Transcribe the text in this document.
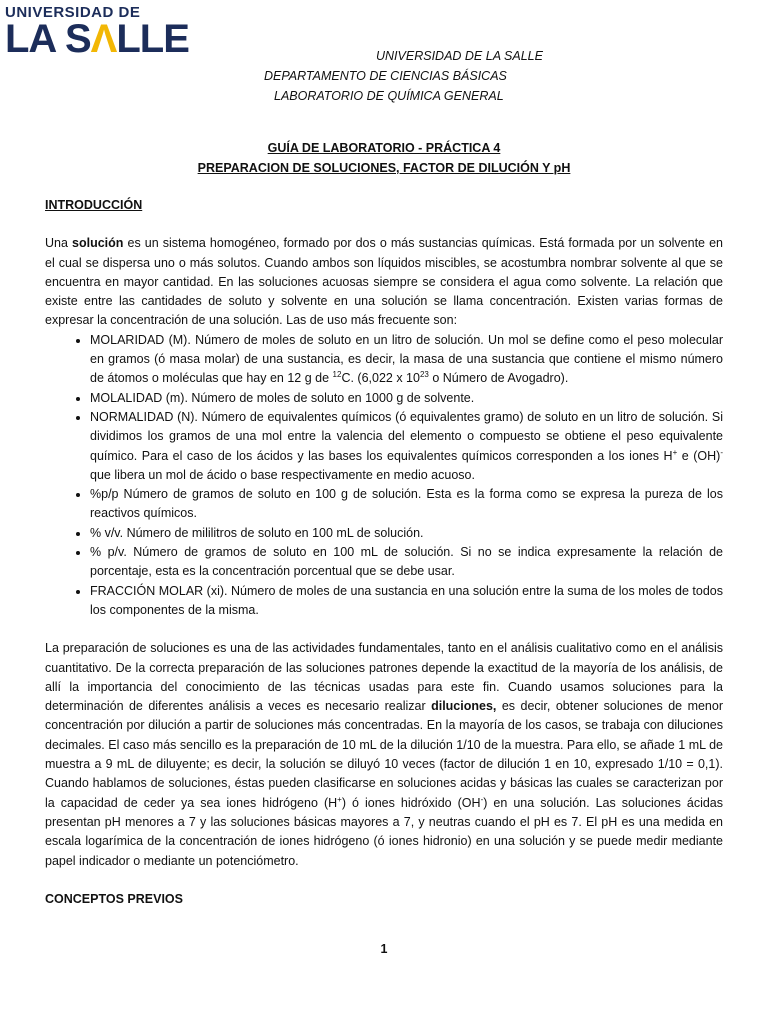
UNIVERSIDAD DE
LA SΛLLE	UNIVERSIDAD DE LA SALLE
DEPARTAMENTO DE CIENCIAS BÁSICAS
LABORATORIO DE QUÍMICA GENERAL
GUÍA DE LABORATORIO - PRÁCTICA 4
PREPARACION DE SOLUCIONES, FACTOR DE DILUCIÓN Y pH
INTRODUCCIÓN

Una solución es un sistema homogéneo, formado por dos o más sustancias químicas. Está formada por un solvente en el cual se dispersa uno o más solutos. Cuando ambos son líquidos miscibles, se acostumbra nombrar solvente al que se encuentra en mayor cantidad. En las soluciones acuosas siempre se considera el agua como solvente. La relación que existe entre las cantidades de soluto y solvente en una solución se llama concentración. Existen varias formas de expresar la concentración de una solución. Las de uso más frecuente son:

• MOLARIDAD (M). Número de moles de soluto en un litro de solución. Un mol se define como el peso molecular en gramos (ó masa molar) de una sustancia, es decir, la masa de una sustancia que contiene el mismo número de átomos o moléculas que hay en 12 g de $^{12}$C. (6,022 x $10^{23}$ o Número de Avogadro).
• MOLALIDAD (m). Número de moles de soluto en 1000 g de solvente.
• NORMALIDAD (N). Número de equivalentes químicos (ó equivalentes gramo) de soluto en un litro de solución. Si dividimos los gramos de una mol entre la valencia del elemento o compuesto se obtiene el peso equivalente químico. Para el caso de los ácidos y las bases los equivalentes químicos corresponden a los iones H+ e (OH)- que libera un mol de ácido o base respectivamente en medio acuoso.
• %p/p Número de gramos de soluto en 100 g de solución. Esta es la forma como se expresa la pureza de los reactivos químicos.
• % v/v. Número de mililitros de soluto en 100 mL de solución.
• % p/v. Número de gramos de soluto en 100 mL de solución. Si no se indica expresamente la relación de porcentaje, esta es la concentración porcentual que se debe usar.
• FRACCIÓN MOLAR (xi). Número de moles de una sustancia en una solución entre la suma de los moles de todos los componentes de la misma.

La preparación de soluciones es una de las actividades fundamentales, tanto en el análisis cualitativo como en el análisis cuantitativo. De la correcta preparación de las soluciones patrones depende la exactitud de la mayoría de los análisis, de allí la importancia del conocimiento de las técnicas usadas para este fin. Cuando usamos soluciones para la determinación de diferentes análisis a veces es necesario realizar diluciones, es decir, obtener soluciones de menor concentración por dilución a partir de soluciones más concentradas. En la mayoría de los casos, se trabaja con diluciones decimales. El caso más sencillo es la preparación de 10 mL de la dilución 1/10 de la muestra. Para ello, se añade 1 mL de muestra a 9 mL de diluyente; es decir, la solución se diluyó 10 veces (factor de dilución 1 en 10, expresado 1/10 = 0,1). Cuando hablamos de soluciones, éstas pueden clasificarse en soluciones acidas y básicas las cuales se caracterizan por la capacidad de ceder ya sea iones hidrógeno (H+) ó iones hidróxido (OH-) en una solución. Las soluciones ácidas presentan pH menores a 7 y las soluciones básicas mayores a 7, y neutras cuando el pH es 7. El pH es una medida en escala logarímica de la concentración de iones hidrógeno (ó iones hidronio) en una solución y se puede medir mediante papel indicador o mediante un potenciómetro.

CONCEPTOS PREVIOS
1
